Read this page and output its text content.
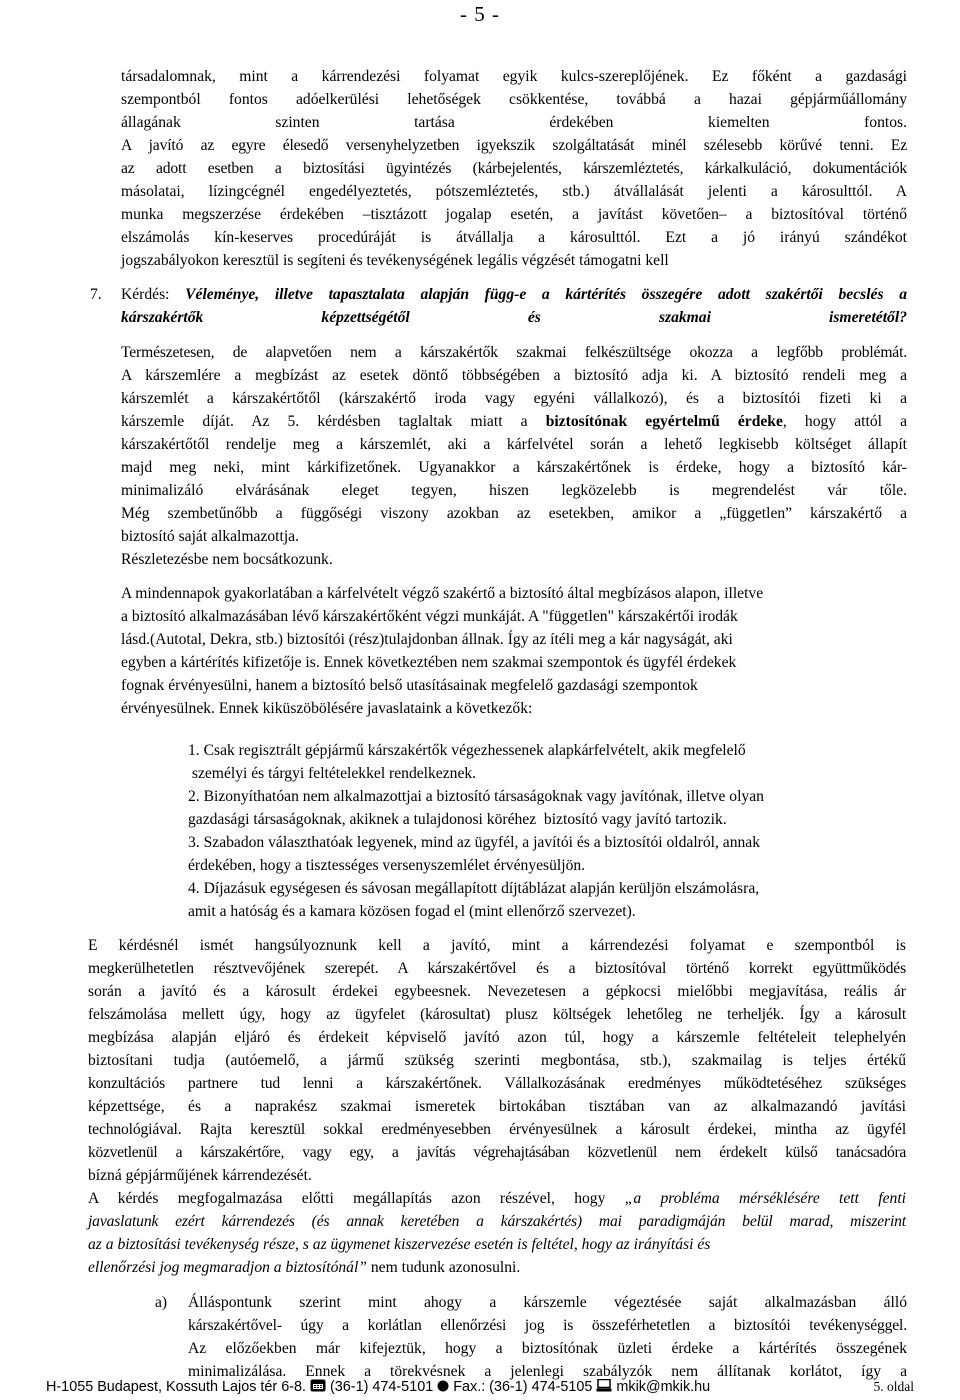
- 5 -

társadalomnak, mint a kárrendezési folyamat egyik kulcs-szereplőjének. Ez főként a gazdasági

szempontból fontos adóelkerülési lehetőségek csökkentése, továbbá a hazai gépjárműállomány

állagának szinten tartása érdekében kiemelten fontos.

A javító az egyre élesedő versenyhelyzetben igyekszik szolgáltatását minél szélesebb körűvé tenni. Ez

az adott esetben a biztosítási ügyintézés (kárbejelentés, kárszemléztetés, kárkalkuláció, dokumentációk

másolatai, lízingcégnél engedélyeztetés, pótszemléztetés, stb.) átvállalását jelenti a károsulttól. A

munka megszerzése érdekében –tisztázott jogalap esetén, a javítást követően– a biztosítóval történő

elszámolás kín-keserves procedúráját is átvállalja a károsulttól. Ezt a jó irányú szándékot

jogszabályokon keresztül is segíteni és tevékenységének legális végzését támogatni kell

7. Kérdés: Véleménye, illetve tapasztalata alapján függ-e a kártérítés összegére adott szakértői becslés a

kárszakértők képzettségétől és szakmai ismeretétől?

Természetesen, de alapvetően nem a kárszakértők szakmai felkészültsége okozza a legfőbb problémát.

A kárszemlére a megbízást az esetek döntő többségében a biztosító adja ki. A biztosító rendeli meg a

kárszemlét a kárszakértőtől (kárszakértő iroda vagy egyéni vállalkozó), és a biztosítói fizeti ki a

kárszemle díját. Az 5. kérdésben taglaltak miatt a biztosítónak egyértelmű érdeke, hogy attól a

kárszakértőtől rendelje meg a kárszemlét, aki a kárfelvétel során a lehető legkisebb költséget állapít

majd meg neki, mint kárkifizetőnek. Ugyanakkor a kárszakértőnek is érdeke, hogy a biztosító kár-

minimalizáló elvárásának eleget tegyen, hiszen legközelebb is megrendelést vár tőle.

Még szembetűnőbb a függőségi viszony azokban az esetekben, amikor a „független” kárszakértő a

biztosító saját alkalmazottja.

Részletezésbe nem bocsátkozunk.

A mindennapok gyakorlatában a kárfelvételt végző szakértő a biztosító által megbízásos alapon, illetve

a biztosító alkalmazásában lévő kárszakértőként végzi munkáját. A "független" kárszakértői irodák

lásd.(Autotal, Dekra, stb.) biztosítói (rész)tulajdonban állnak. Így az ítéli meg a kár nagyságát, aki

egyben a kártérítés kifizetője is. Ennek következtében nem szakmai szempontok és ügyfél érdekek

fognak érvényesülni, hanem a biztosító belső utasításainak megfelelő gazdasági szempontok

érvényesülnek. Ennek kiküszöbölésére javaslataink a következők:

1. Csak regisztrált gépjármű kárszakértők végezhessenek alapkárfelvételt, akik megfelelő

személyi és tárgyi feltételekkel rendelkeznek.

2. Bizonyíthatóan nem alkalmazottjai a biztosító társaságoknak vagy javítónak, illetve olyan

gazdasági társaságoknak, akiknek a tulajdonosi köréhez  biztosító vagy javító tartozik.

3. Szabadon választhatóak legyenek, mind az ügyfél, a javítói és a biztosítói oldalról, annak

érdekében, hogy a tisztességes versenyszemlélet érvényesüljön.

4. Díjazásuk egységesen és sávosan megállapított díjtáblázat alapján kerüljön elszámolásra,

amit a hatóság és a kamara közösen fogad el (mint ellenőrző szervezet).

E kérdésnél ismét hangsúlyoznunk kell a javító, mint a kárrendezési folyamat e szempontból is

megkerülhetetlen résztvevőjének szerepét. A kárszakértővel és a biztosítóval történő korrekt együttműködés

során a javító és a károsult érdekei egybeesnek. Nevezetesen a gépkocsi mielőbbi megjavítása, reális ár

felszámolása mellett úgy, hogy az ügyfelet (károsultat) plusz költségek lehetőleg ne terheljék. Így a károsult

megbízása alapján eljáró és érdekeit képviselő javító azon túl, hogy a kárszemle feltételeit telephelyén

biztosítani tudja (autóemelő, a jármű szükség szerinti megbontása, stb.), szakmailag is teljes értékű

konzultációs partnere tud lenni a kárszakértőnek. Vállalkozásának eredményes működtetéséhez szükséges

képzettsége, és a naprakész szakmai ismeretek birtokában tisztában van az alkalmazandó javítási

technológiával. Rajta keresztül sokkal eredményesebben érvényesülnek a károsult érdekei, mintha az ügyfél

közvetlenül a kárszakértőre, vagy egy, a javítás végrehajtásában közvetlenül nem érdekelt külső tanácsadóra

bízná gépjárműjének kárrendezését.

A kérdés megfogalmazása előtti megállapítás azon részével, hogy „a probléma mérséklésére tett fenti

javaslatunk ezért kárrendezés (és annak keretében a kárszakértés) mai paradigmáján belül marad, miszerint

az a biztosítási tevékenység része, s az ügymenet kiszervezése esetén is feltétel, hogy az irányítási és

ellenőrzési jog megmaradjon a biztosítónál” nem tudunk azonosulni.

a) Álláspontunk szerint mint ahogy a kárszemle végeztésée saját alkalmazásban álló

kárszakértővel- úgy a korlátlan ellenőrzési jog is összeférhetetlen a biztosítói tevékenységgel.

Az előzőekben már kifejeztük, hogy a biztosítónak üzleti érdeke a kártérítés összegének

minimalizálása. Ennek a törekvésnek a jelenlegi szabályzók nem állítanak korlátot, így a

H-1055 Budapest, Kossuth Lajos tér 6-8.  (36-1) 474-5101  Fax.: (36-1) 474-5105  mkik@mkik.hu	5. oldal
